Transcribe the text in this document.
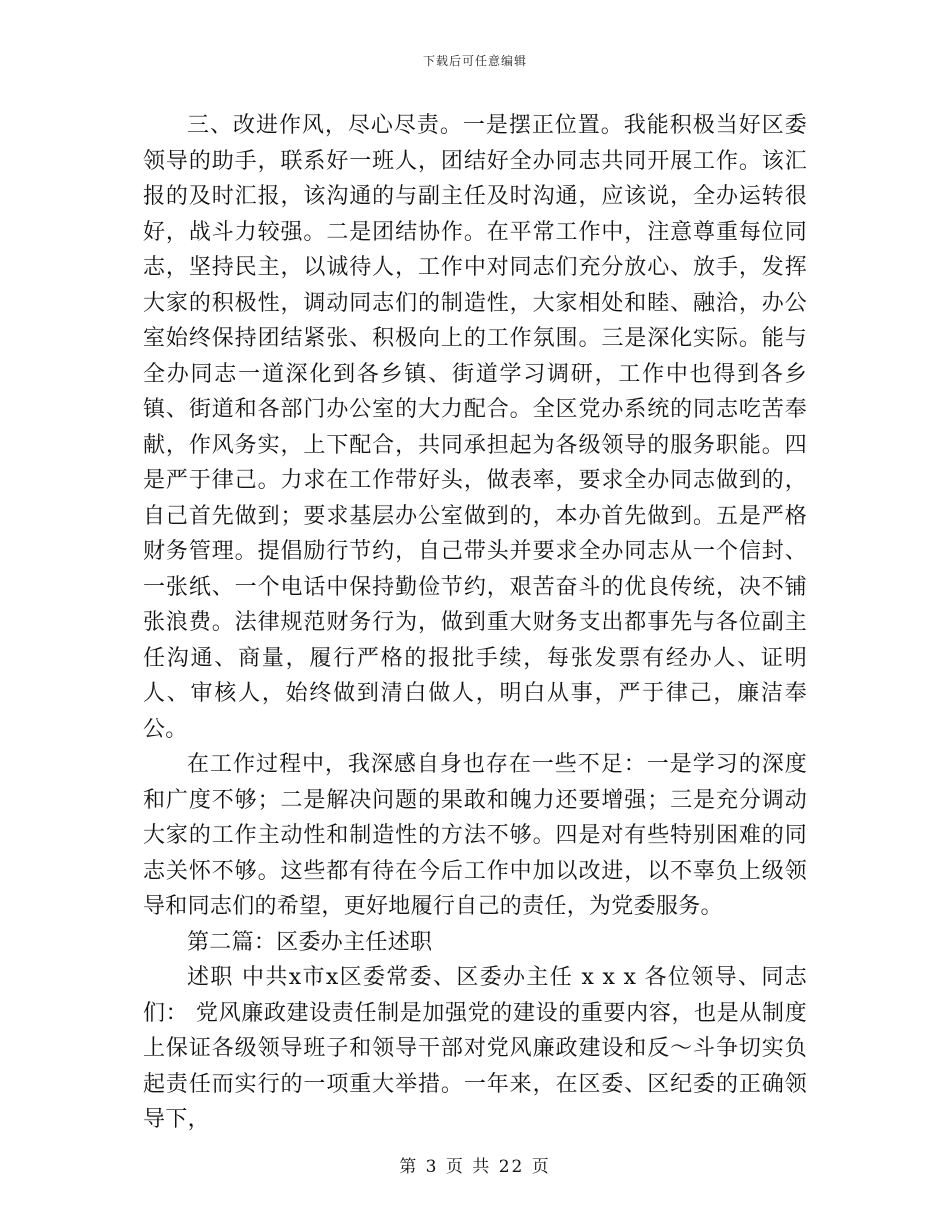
下载后可任意编辑

三、改进作风，尽心尽责。一是摆正位置。我能积极当好区委领导的助手，联系好一班人，团结好全办同志共同开展工作。该汇报的及时汇报，该沟通的与副主任及时沟通，应该说，全办运转很好，战斗力较强。二是团结协作。在平常工作中，注意尊重每位同志，坚持民主，以诚待人，工作中对同志们充分放心、放手，发挥大家的积极性，调动同志们的制造性，大家相处和睦、融洽，办公室始终保持团结紧张、积极向上的工作氛围。三是深化实际。能与全办同志一道深化到各乡镇、街道学习调研，工作中也得到各乡镇、街道和各部门办公室的大力配合。全区党办系统的同志吃苦奉献，作风务实，上下配合，共同承担起为各级领导的服务职能。四是严于律己。力求在工作带好头，做表率，要求全办同志做到的，自己首先做到；要求基层办公室做到的，本办首先做到。五是严格财务管理。提倡励行节约，自己带头并要求全办同志从一个信封、一张纸、一个电话中保持勤俭节约，艰苦奋斗的优良传统，决不铺张浪费。法律规范财务行为，做到重大财务支出都事先与各位副主任沟通、商量，履行严格的报批手续，每张发票有经办人、证明人、审核人，始终做到清白做人，明白从事，严于律己，廉洁奉公。

在工作过程中，我深感自身也存在一些不足：一是学习的深度和广度不够；二是解决问题的果敢和魄力还要增强；三是充分调动大家的工作主动性和制造性的方法不够。四是对有些特别困难的同志关怀不够。这些都有待在今后工作中加以改进，以不辜负上级领导和同志们的希望，更好地履行自己的责任，为党委服务。

第二篇：区委办主任述职

述职 中共x市x区委常委、区委办主任 x x x 各位领导、同志们： 党风廉政建设责任制是加强党的建设的重要内容，也是从制度上保证各级领导班子和领导干部对党风廉政建设和反～斗争切实负起责任而实行的一项重大举措。一年来，在区委、区纪委的正确领导下，

第 3 页 共 22 页
